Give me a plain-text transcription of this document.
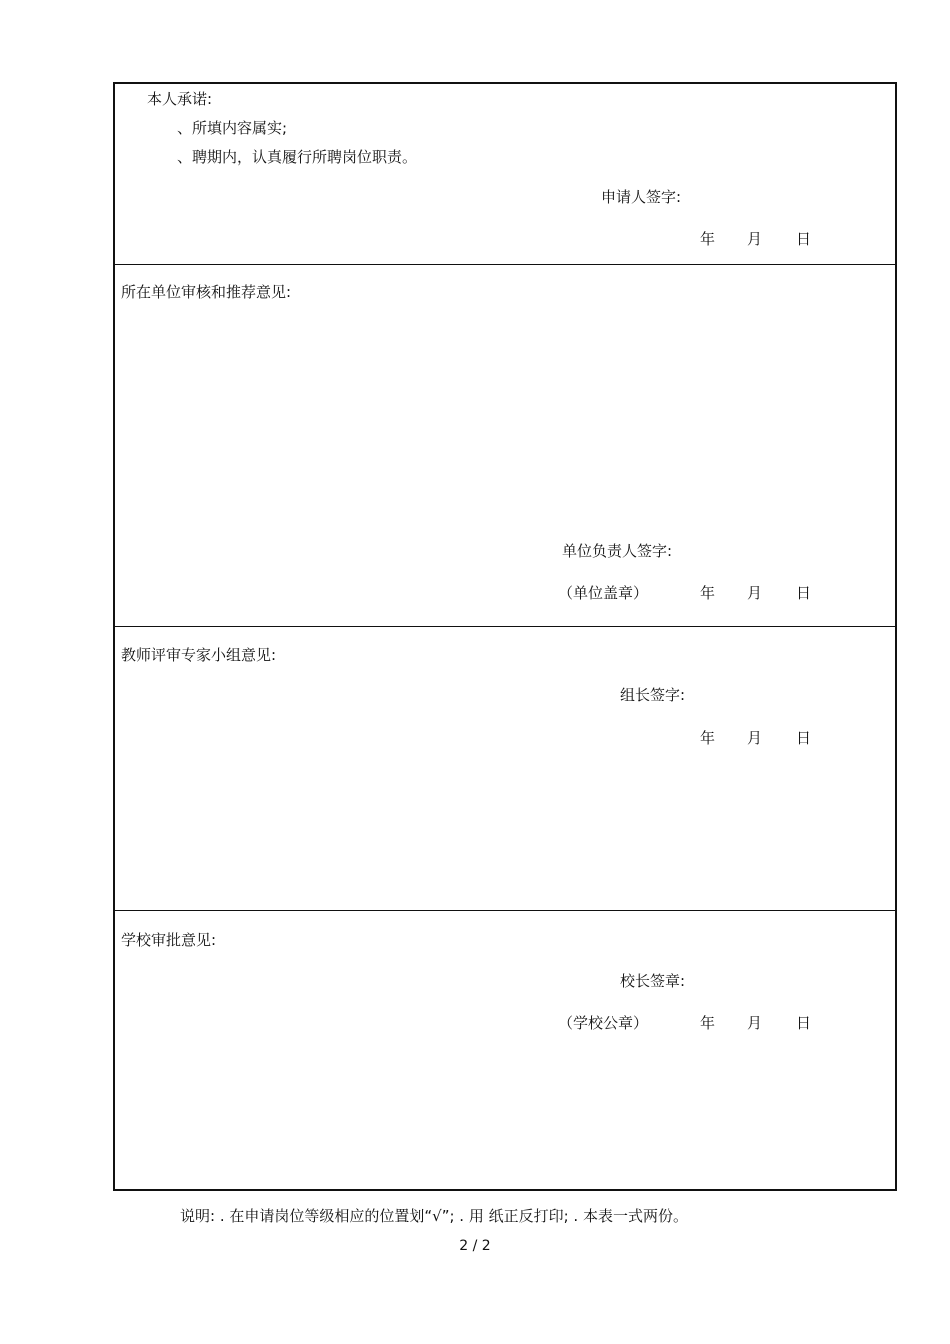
本人承诺:
、所填内容属实;
、聘期内，认真履行所聘岗位职责。
申请人签字:
年 月 日
所在单位审核和推荐意见:
单位负责人签字:
（单位盖章）	年 月 日
教师评审专家小组意见:
组长签字:
年 月 日
学校审批意见:
校长签章:
（学校公章）	年 月 日
说明: . 在申请岗位等级相应的位置划“√”; . 用 纸正反打印; . 本表一式两份。
2 / 2
